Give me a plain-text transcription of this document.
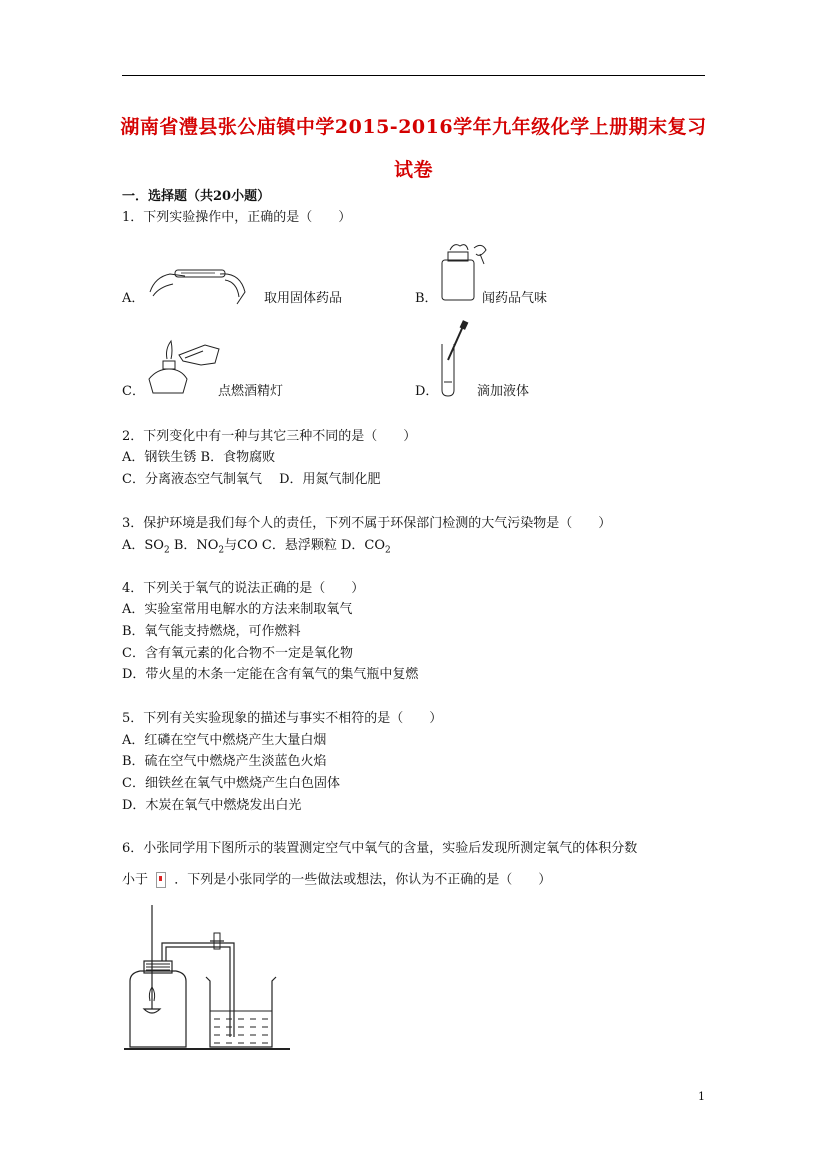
湖南省澧县张公庙镇中学2015-2016学年九年级化学上册期末复习
试卷
一．选择题（共20小题）
1．下列实验操作中，正确的是（　　）
A．	取用固体药品	B．	闻药品气味
C．	点燃酒精灯	D．	滴加液体
2．下列变化中有一种与其它三种不同的是（　　）
A．钢铁生锈 B．食物腐败
C．分离液态空气制氧气　 D．用氮气制化肥
3．保护环境是我们每个人的责任，下列不属于环保部门检测的大气污染物是（　　）
A．$SO_2$ B．$NO_2$与CO C．悬浮颗粒 D．$CO_2$
4．下列关于氧气的说法正确的是（　　）
A．实验室常用电解水的方法来制取氧气
B．氧气能支持燃烧，可作燃料
C．含有氧元素的化合物不一定是氧化物
D．带火星的木条一定能在含有氧气的集气瓶中复燃
5．下列有关实验现象的描述与事实不相符的是（　　）
A．红磷在空气中燃烧产生大量白烟
B．硫在空气中燃烧产生淡蓝色火焰
C．细铁丝在氧气中燃烧产生白色固体
D．木炭在氧气中燃烧发出白光
6．小张同学用下图所示的装置测定空气中氧气的含量，实验后发现所测定氧气的体积分数
小于 ．下列是小张同学的一些做法或想法，你认为不正确的是（　　）
1
